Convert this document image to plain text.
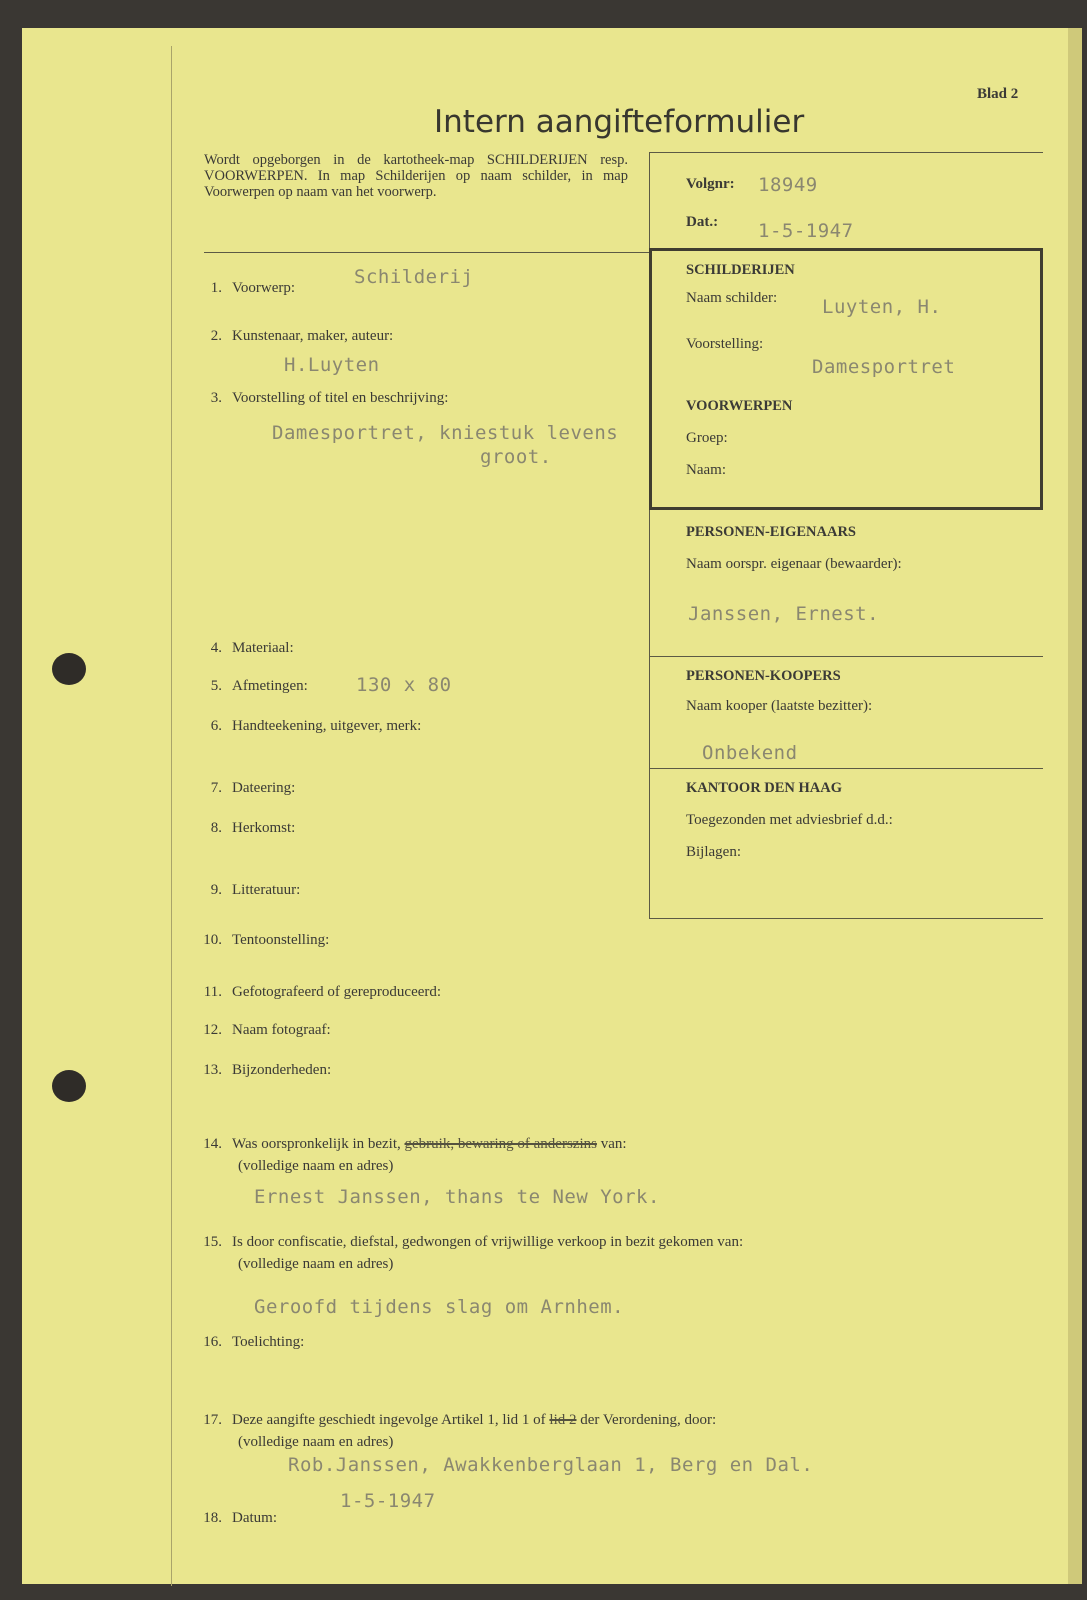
Blad 2
Intern aangifteformulier
Wordt opgeborgen in de kartotheek-map SCHILDERIJEN resp. VOORWERPEN. In map Schilderijen op naam schilder, in map Voorwerpen op naam van het voorwerp.	Volgnr: 18949
Dat.: 1-5-1947
SCHILDERIJEN
Naam schilder: Luyten, H.
Voorstelling:
Damesportret
VOORWERPEN
Groep:
Naam:
PERSONEN-EIGENAARS
Naam oorspr. eigenaar (bewaarder):
Janssen, Ernest.
PERSONEN-KOOPERS
Naam kooper (laatste bezitter):
Onbekend
KANTOOR DEN HAAG
Toegezonden met adviesbrief d.d.:
Bijlagen:
1. Voorwerp:	Schilderij
2. Kunstenaar, maker, auteur:
H.Luyten
3. Voorstelling of titel en beschrijving:
Damesportret, kniestuk levens
groot.
4. Materiaal:
5. Afmetingen:	130 x 80
6. Handteekening, uitgever, merk:
7. Dateering:
8. Herkomst:
9. Litteratuur:
10. Tentoonstelling:
11. Gefotografeerd of gereproduceerd:
12. Naam fotograaf:
13. Bijzonderheden:
14. Was oorspronkelijk in bezit, gebruik, bewaring of anderszins van:
(volledige naam en adres)
Ernest Janssen, thans te New York.
15. Is door confiscatie, diefstal, gedwongen of vrijwillige verkoop in bezit gekomen van:
(volledige naam en adres)
Geroofd tijdens slag om Arnhem.
16. Toelichting:
17. Deze aangifte geschiedt ingevolge Artikel 1, lid 1 of lid 2 der Verordening, door:
(volledige naam en adres)
Rob.Janssen, Awakkenberglaan 1, Berg en Dal.
18. Datum:
1-5-1947
